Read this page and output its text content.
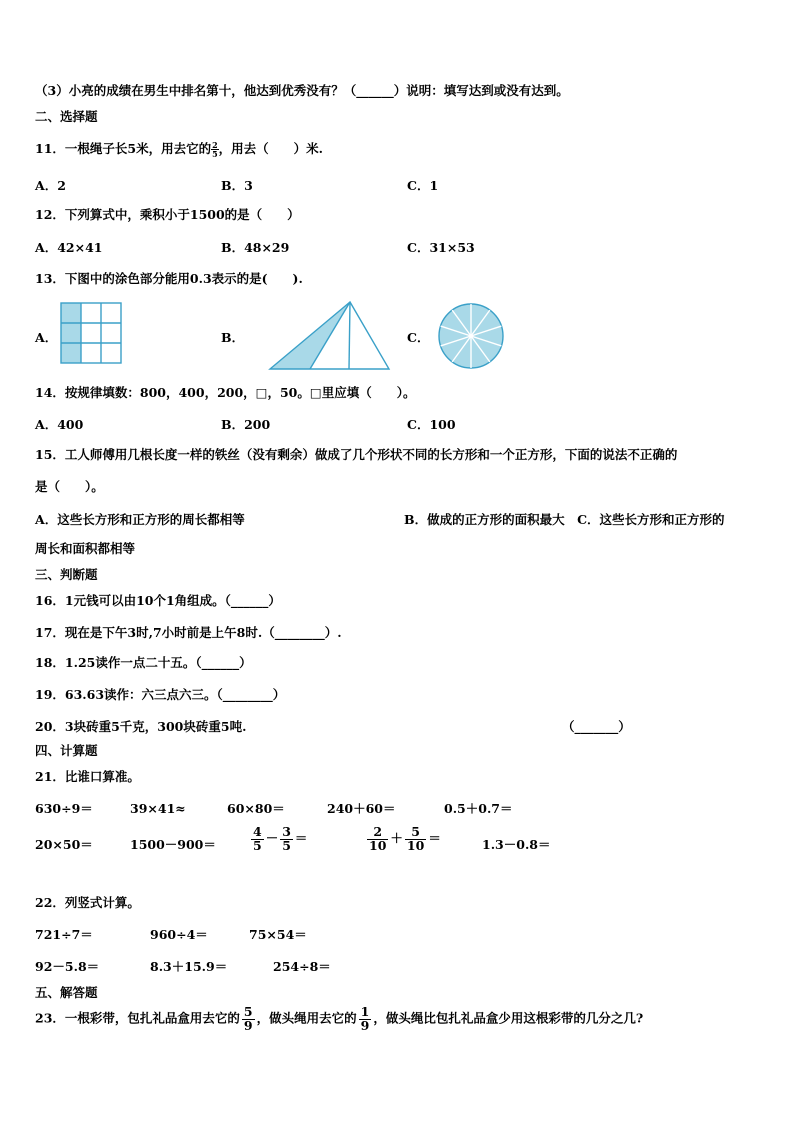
（3）小亮的成绩在男生中排名第十，他达到优秀没有？（______）说明：填写达到或没有达到。
二、选择题
11．一根绳子长5米，用去它的 $\frac{2}{5}$ ，用去（　　）米.
A．2	B．3	C．1
12．下列算式中，乘积小于1500的是（　　）
A．42×41	B．48×29	C．31×53
13．下图中的涂色部分能用0.3表示的是(　　).
A．	B．	C．
14．按规律填数：800，400，200，□，50。□里应填（　　）。
A．400	B．200	C．100
15．工人师傅用几根长度一样的铁丝（没有剩余）做成了几个形状不同的长方形和一个正方形，下面的说法不正确的
是（　　）。
A．这些长方形和正方形的周长都相等	B．做成的正方形的面积最大　C．这些长方形和正方形的
周长和面积都相等
三、判断题
16．1元钱可以由10个1角组成。（______）
17．现在是下午3时,7小时前是上午8时.（________）.
18．1.25读作一点二十五。（______）
19．63.63读作：六三点六三。（________）
20．3块砖重5千克，300块砖重5吨.	（_______）
四、计算题
21．比谁口算准。
630÷9＝	39×41≈	60×80＝	240＋60＝	0.5＋0.7＝
20×50＝	1500－900＝	$\frac{4}{5} - \frac{3}{5}$ ＝	$\frac{2}{10} + \frac{5}{10}$ ＝	1.3－0.8＝
22．列竖式计算。
721÷7＝	960÷4＝	75×54＝
92－5.8＝	8.3＋15.9＝	254÷8＝
五、解答题
23．一根彩带，包扎礼品盒用去它的 $\frac{5}{9}$ ，做头绳用去它的 $\frac{1}{9}$ ，做头绳比包扎礼品盒少用这根彩带的几分之几?
